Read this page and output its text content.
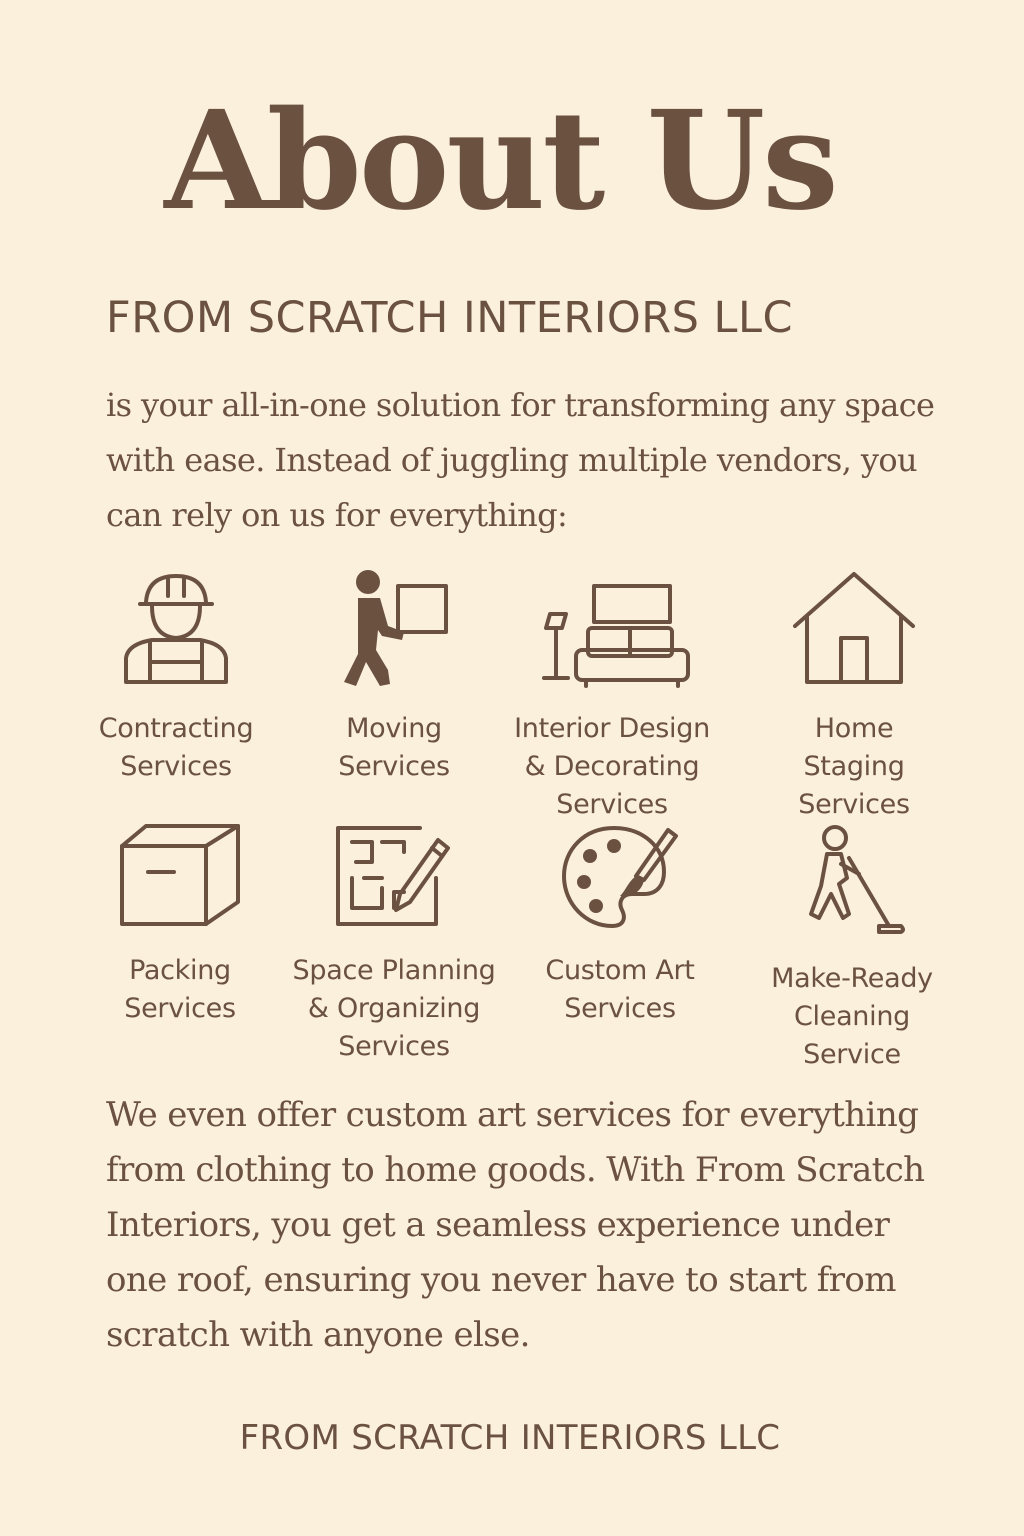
About Us
FROM SCRATCH INTERIORS LLC

is your all-in-one solution for transforming any space with ease. Instead of juggling multiple vendors, you can rely on us for everything:

Contracting
Services
Moving
Services
Interior Design
& Decorating
Services
Home
Staging
Services
Packing
Services
Space Planning
& Organizing
Services
Custom Art
Services
Make-Ready
Cleaning
Service

We even offer custom art services for everything from clothing to home goods. With From Scratch Interiors, you get a seamless experience under one roof, ensuring you never have to start from scratch with anyone else.

FROM SCRATCH INTERIORS LLC
